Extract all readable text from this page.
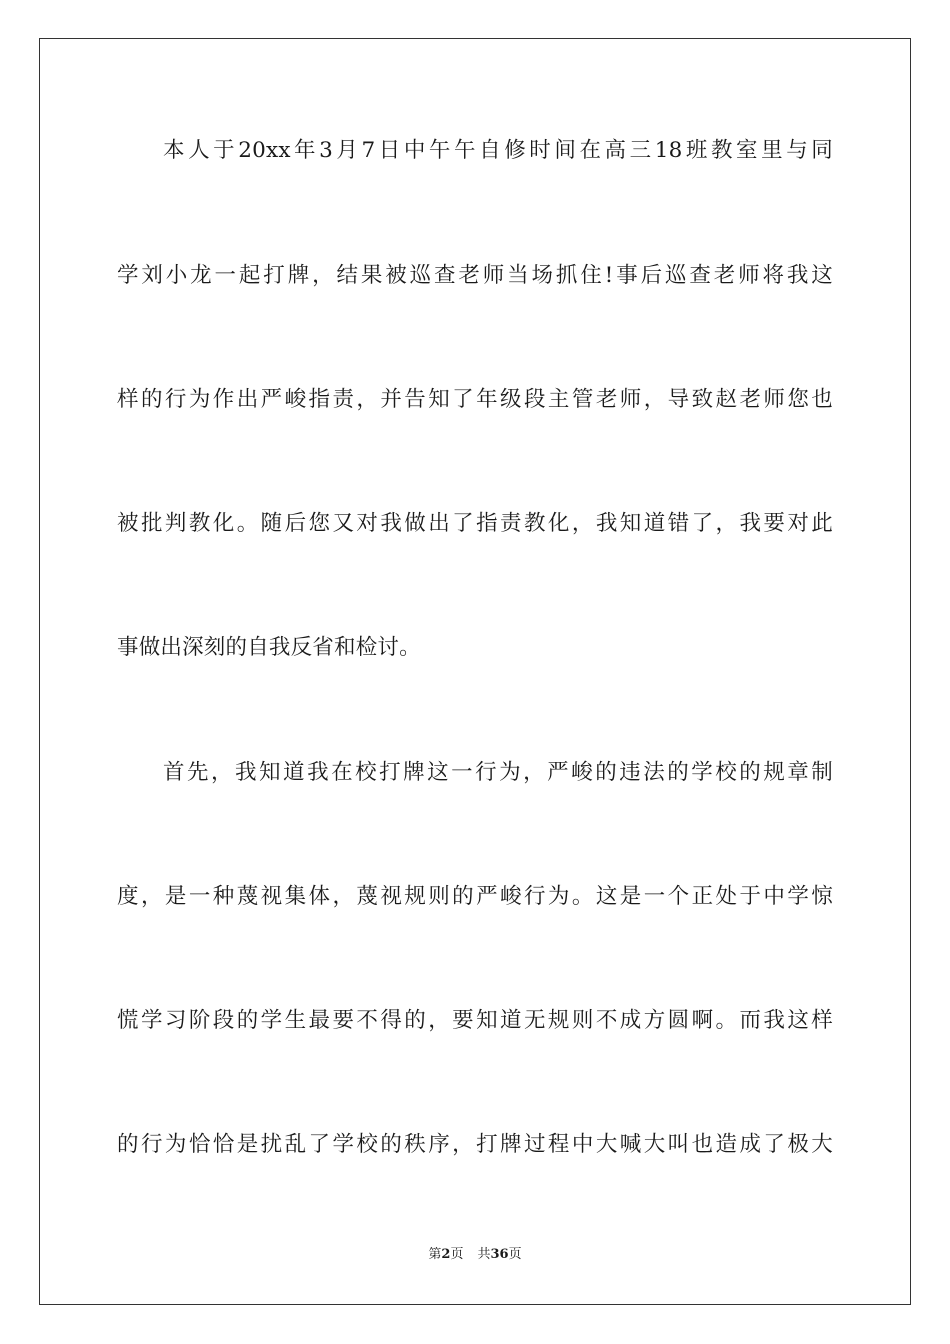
本人于20xx年3月7日中午午自修时间在高三18班教室里与同

学刘小龙一起打牌，结果被巡查老师当场抓住!事后巡查老师将我这

样的行为作出严峻指责，并告知了年级段主管老师，导致赵老师您也

被批判教化。随后您又对我做出了指责教化，我知道错了，我要对此

事做出深刻的自我反省和检讨。

首先，我知道我在校打牌这一行为，严峻的违法的学校的规章制

度，是一种蔑视集体，蔑视规则的严峻行为。这是一个正处于中学惊

慌学习阶段的学生最要不得的，要知道无规则不成方圆啊。而我这样

的行为恰恰是扰乱了学校的秩序，打牌过程中大喊大叫也造成了极大

第2页 共36页
